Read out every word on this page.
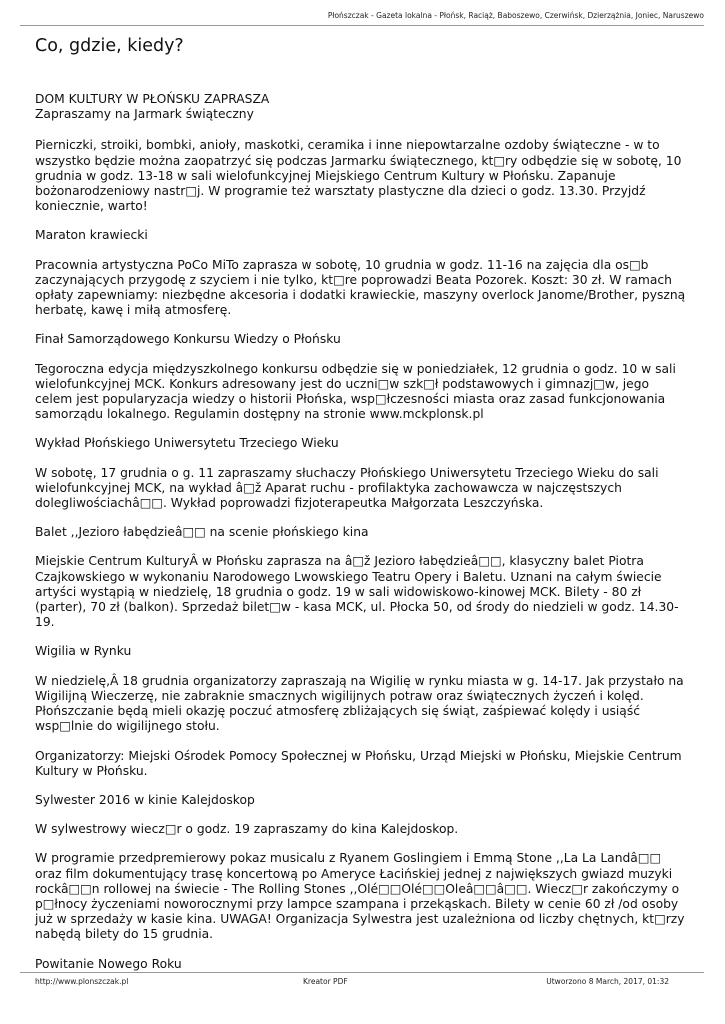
Płońszczak - Gazeta lokalna - Płońsk, Raciąż, Baboszewo, Czerwińsk, Dzierzążnia, Joniec, Naruszewo
Co, gdzie, kiedy?
DOM KULTURY W PŁOŃSKU ZAPRASZA
Zapraszamy na Jarmark świąteczny

Pierniczki, stroiki, bombki, anioły, maskotki, ceramika i inne niepowtarzalne ozdoby świąteczne - w to wszystko będzie można zaopatrzyć się podczas Jarmarku świątecznego, kt□ry odbędzie się w sobotę, 10 grudnia w godz. 13-18 w sali wielofunkcyjnej Miejskiego Centrum Kultury w Płońsku. Zapanuje bożonarodzeniowy nastr□j. W programie też warsztaty plastyczne dla dzieci o godz. 13.30. Przyjdź koniecznie, warto!

Maraton krawiecki

Pracownia artystyczna PoCo MiTo zaprasza w sobotę, 10 grudnia w godz. 11-16 na zajęcia dla os□b zaczynających przygodę z szyciem i nie tylko, kt□re poprowadzi Beata Pozorek. Koszt: 30 zł. W ramach opłaty zapewniamy: niezbędne akcesoria i dodatki krawieckie, maszyny overlock Janome/Brother, pyszną herbatę, kawę i miłą atmosferę.

Finał Samorządowego Konkursu Wiedzy o Płońsku

Tegoroczna edycja międzyszkolnego konkursu odbędzie się w poniedziałek, 12 grudnia o godz. 10 w sali wielofunkcyjnej MCK. Konkurs adresowany jest do uczni□w szk□ł podstawowych i gimnazj□w, jego celem jest popularyzacja wiedzy o historii Płońska, wsp□łczesności miasta oraz zasad funkcjonowania samorządu lokalnego. Regulamin dostępny na stronie www.mckplonsk.pl

Wykład Płońskiego Uniwersytetu Trzeciego Wieku

W sobotę, 17 grudnia o g. 11 zapraszamy słuchaczy Płońskiego Uniwersytetu Trzeciego Wieku do sali wielofunkcyjnej MCK, na wykład â□ž Aparat ruchu - profilaktyka zachowawcza w najczęstszych dolegliwościachâ□□. Wykład poprowadzi fizjoterapeutka Małgorzata Leszczyńska.

Balet ,,Jezioro łabędzieâ□□ na scenie płońskiego kina

Miejskie Centrum KulturyÂ w Płońsku zaprasza na â□ž Jezioro łabędzieâ□□, klasyczny balet Piotra Czajkowskiego w wykonaniu Narodowego Lwowskiego Teatru Opery i Baletu. Uznani na całym świecie artyści wystąpią w niedzielę, 18 grudnia o godz. 19 w sali widowiskowo-kinowej MCK. Bilety - 80 zł (parter), 70 zł (balkon). Sprzedaż bilet□w - kasa MCK, ul. Płocka 50, od środy do niedzieli w godz. 14.30-19.

Wigilia w Rynku

W niedzielę,Â 18 grudnia organizatorzy zapraszają na Wigilię w rynku miasta w g. 14-17. Jak przystało na Wigilijną Wieczerzę, nie zabraknie smacznych wigilijnych potraw oraz świątecznych życzeń i kolęd. Płońszczanie będą mieli okazję poczuć atmosferę zbliżających się świąt, zaśpiewać kolędy i usiąść wsp□lnie do wigilijnego stołu.

Organizatorzy: Miejski Ośrodek Pomocy Społecznej w Płońsku, Urząd Miejski w Płońsku, Miejskie Centrum Kultury w Płońsku.

Sylwester 2016 w kinie Kalejdoskop

W sylwestrowy wiecz□r o godz. 19 zapraszamy do kina Kalejdoskop.

W programie przedpremierowy pokaz musicalu z Ryanem Goslingiem i Emmą Stone ,,La La Landâ□□ oraz film dokumentujący trasę koncertową po Ameryce Łacińskiej jednej z największych gwiazd muzyki rockâ□□n rollowej na świecie - The Rolling Stones ,,Olé□□Olé□□Oleâ□□â□□. Wiecz□r zakończymy o p□łnocy życzeniami noworocznymi przy lampce szampana i przekąskach. Bilety w cenie 60 zł /od osoby już w sprzedaży w kasie kina. UWAGA! Organizacja Sylwestra jest uzależniona od liczby chętnych, kt□rzy nabędą bilety do 15 grudnia.

Powitanie Nowego Roku

http://www.plonszczak.pl	Kreator PDF	Utworzono 8 March, 2017, 01:32
